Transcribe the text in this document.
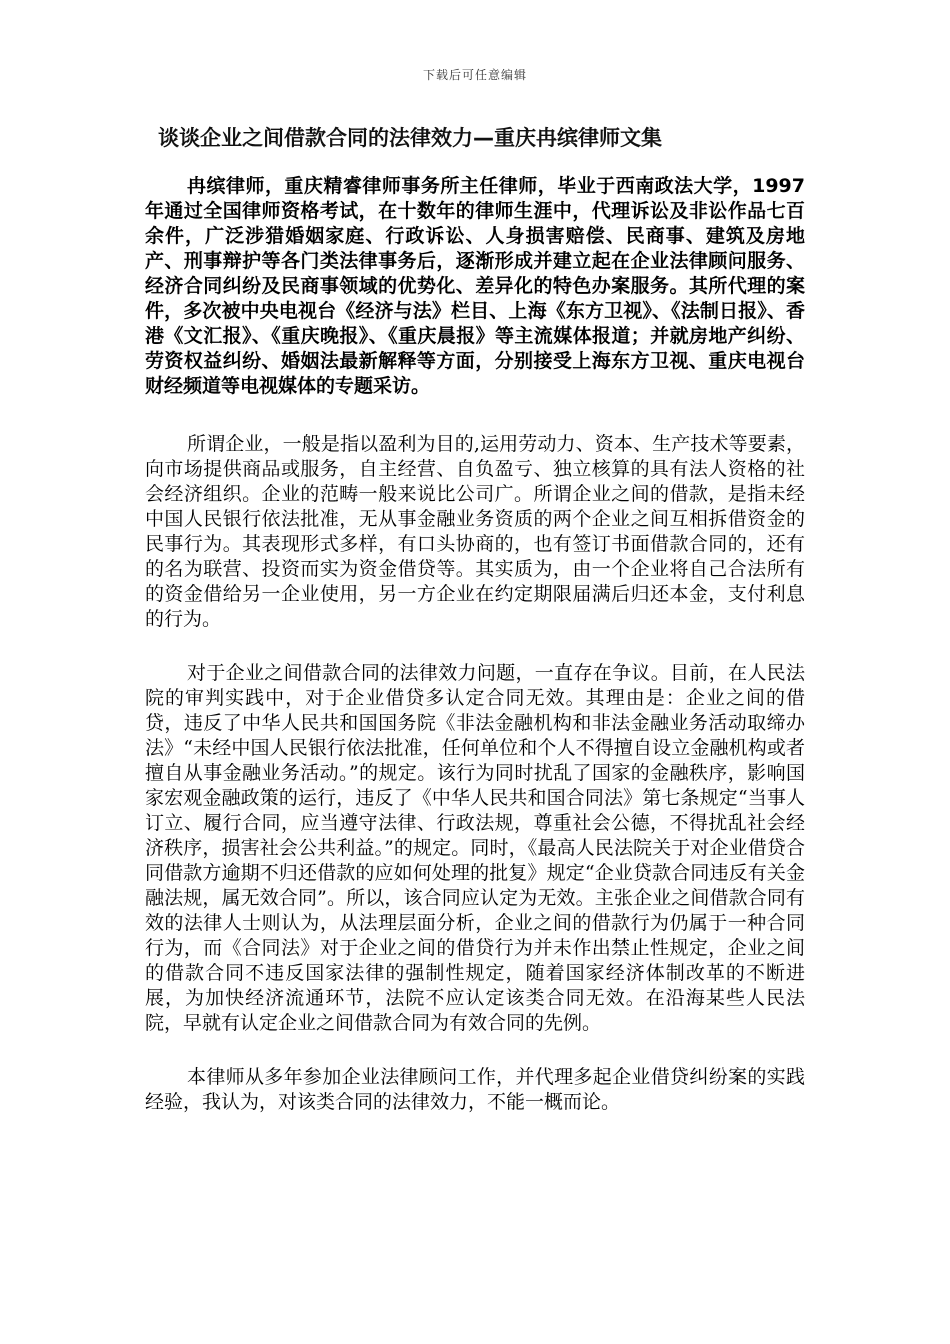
下载后可任意编辑
谈谈企业之间借款合同的法律效力—重庆冉缤律师文集

冉缤律师，重庆精睿律师事务所主任律师，毕业于西南政法大学，1997年通过全国律师资格考试，在十数年的律师生涯中，代理诉讼及非讼作品七百余件，广泛涉猎婚姻家庭、行政诉讼、人身损害赔偿、民商事、建筑及房地产、刑事辩护等各门类法律事务后，逐渐形成并建立起在企业法律顾问服务、经济合同纠纷及民商事领域的优势化、差异化的特色办案服务。其所代理的案件，多次被中央电视台《经济与法》栏目、上海《东方卫视》、《法制日报》、香港《文汇报》、《重庆晚报》、《重庆晨报》等主流媒体报道；并就房地产纠纷、劳资权益纠纷、婚姻法最新解释等方面，分别接受上海东方卫视、重庆电视台财经频道等电视媒体的专题采访。

所谓企业，一般是指以盈利为目的,运用劳动力、资本、生产技术等要素，向市场提供商品或服务，自主经营、自负盈亏、独立核算的具有法人资格的社会经济组织。企业的范畴一般来说比公司广。所谓企业之间的借款，是指未经中国人民银行依法批准，无从事金融业务资质的两个企业之间互相拆借资金的民事行为。其表现形式多样，有口头协商的，也有签订书面借款合同的，还有的名为联营、投资而实为资金借贷等。其实质为，由一个企业将自己合法所有的资金借给另一企业使用，另一方企业在约定期限届满后归还本金，支付利息的行为。

对于企业之间借款合同的法律效力问题，一直存在争议。目前，在人民法院的审判实践中，对于企业借贷多认定合同无效。其理由是：企业之间的借贷，违反了中华人民共和国国务院《非法金融机构和非法金融业务活动取缔办法》“未经中国人民银行依法批准，任何单位和个人不得擅自设立金融机构或者擅自从事金融业务活动。”的规定。该行为同时扰乱了国家的金融秩序，影响国家宏观金融政策的运行，违反了《中华人民共和国合同法》第七条规定“当事人订立、履行合同，应当遵守法律、行政法规，尊重社会公德，不得扰乱社会经济秩序，损害社会公共利益。”的规定。同时，《最高人民法院关于对企业借贷合同借款方逾期不归还借款的应如何处理的批复》规定“企业贷款合同违反有关金融法规，属无效合同”。所以，该合同应认定为无效。主张企业之间借款合同有效的法律人士则认为，从法理层面分析，企业之间的借款行为仍属于一种合同行为，而《合同法》对于企业之间的借贷行为并未作出禁止性规定，企业之间的借款合同不违反国家法律的强制性规定，随着国家经济体制改革的不断进展，为加快经济流通环节，法院不应认定该类合同无效。在沿海某些人民法院，早就有认定企业之间借款合同为有效合同的先例。

本律师从多年参加企业法律顾问工作，并代理多起企业借贷纠纷案的实践经验，我认为，对该类合同的法律效力，不能一概而论。
